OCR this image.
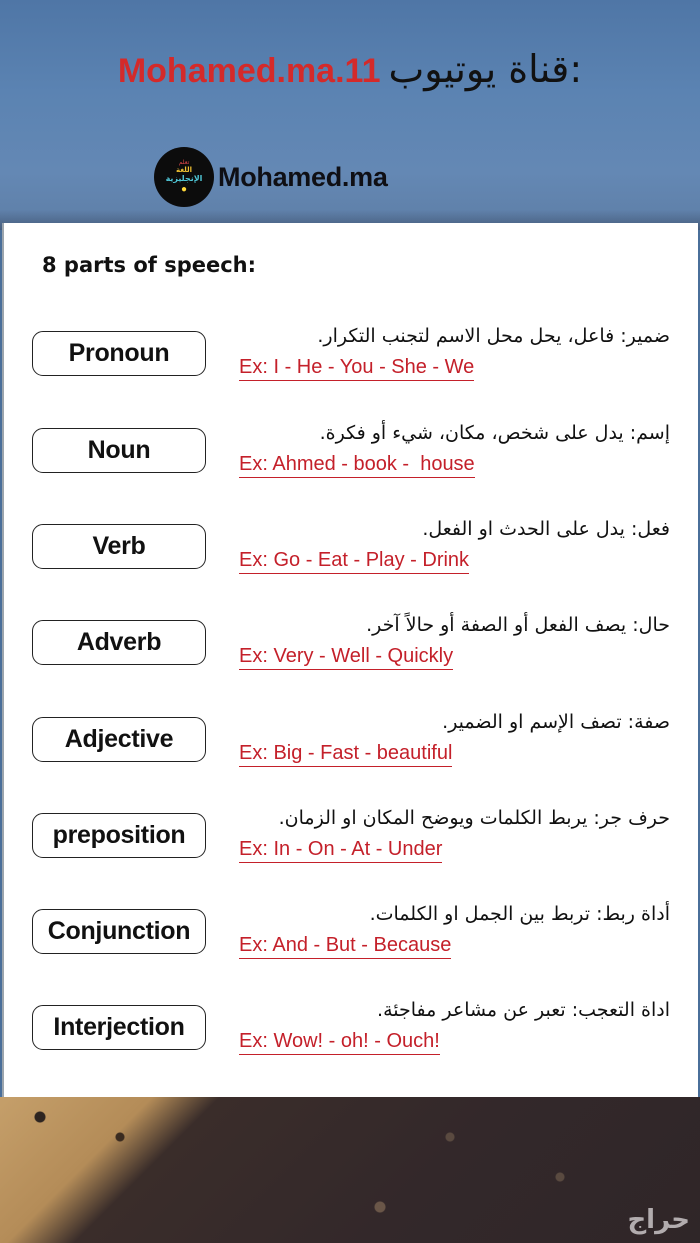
Mohamed.ma.11 قناة يوتيوب:
تعلم
اللغة
الإنجليزية
● Mohamed.ma
8 parts of speech:
Pronoun
ضمير: فاعل، يحل محل الاسم لتجنب التكرار.
Ex: I - He - You - She - We
Noun
إسم: يدل على شخص، مكان، شيء أو فكرة.
Ex: Ahmed - book -  house
Verb
فعل: يدل على الحدث او الفعل.
Ex: Go - Eat - Play - Drink
Adverb
حال: يصف الفعل أو الصفة أو حالاً آخر.
Ex: Very - Well - Quickly
Adjective
صفة: تصف الإسم او الضمير.
Ex: Big - Fast - beautiful
preposition
حرف جر: يربط الكلمات ويوضح المكان او الزمان.
Ex: In - On - At - Under
Conjunction
أداة ربط: تربط بين الجمل او الكلمات.
Ex: And - But - Because
Interjection
اداة التعجب: تعبر عن مشاعر مفاجئة.
Ex: Wow! - oh! - Ouch!
حراج
